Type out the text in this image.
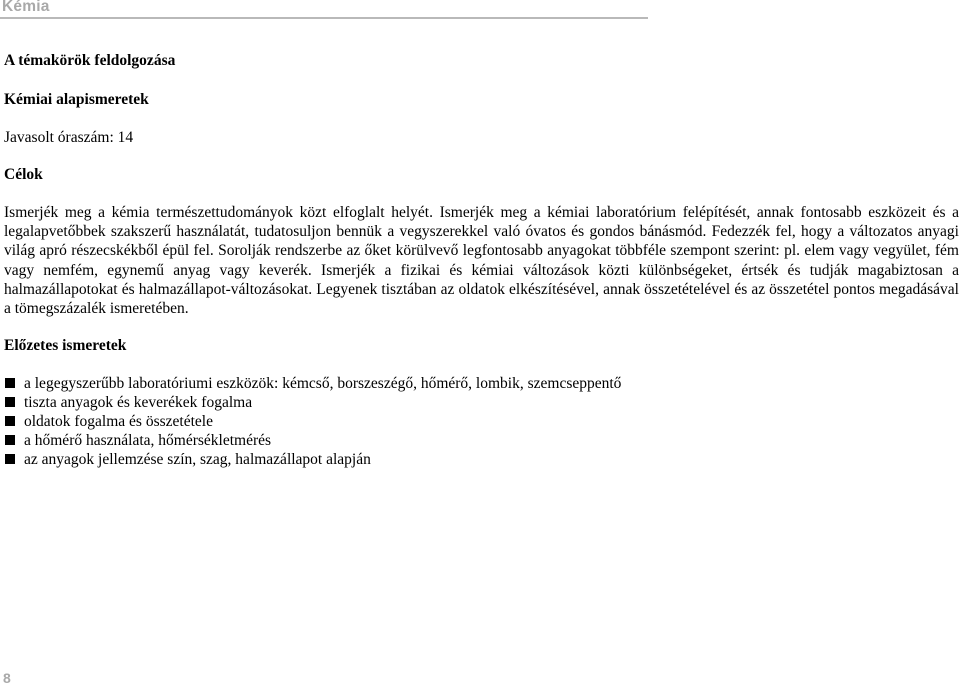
Kémia
A témakörök feldolgozása
Kémiai alapismeretek
Javasolt óraszám: 14
Célok
Ismerjék meg a kémia természettudományok közt elfoglalt helyét. Ismerjék meg a kémiai laboratórium felépítését, annak fontosabb eszközeit és a legalapvetőbbek szakszerű használatát, tudatosuljon bennük a vegyszerekkel való óvatos és gondos bánásmód. Fedezzék fel, hogy a változatos anyagi világ apró részecskékből épül fel. Sorolják rendszerbe az őket körülvevő legfontosabb anyagokat többféle szempont szerint: pl. elem vagy vegyület, fém vagy nemfém, egynemű anyag vagy keverék. Ismerjék a fizikai és kémiai változások közti különbségeket, értsék és tudják magabiztosan a halmazállapotokat és halmazállapot-változásokat. Legyenek tisztában az oldatok elkészítésével, annak összetételével és az összetétel pontos megadásával a tömegszázalék ismeretében.
Előzetes ismeretek
a legegyszerűbb laboratóriumi eszközök: kémcső, borszeszégő, hőmérő, lombik, szemcseppentő
tiszta anyagok és keverékek fogalma
oldatok fogalma és összetétele
a hőmérő használata, hőmérsékletmérés
az anyagok jellemzése szín, szag, halmazállapot alapján
8
